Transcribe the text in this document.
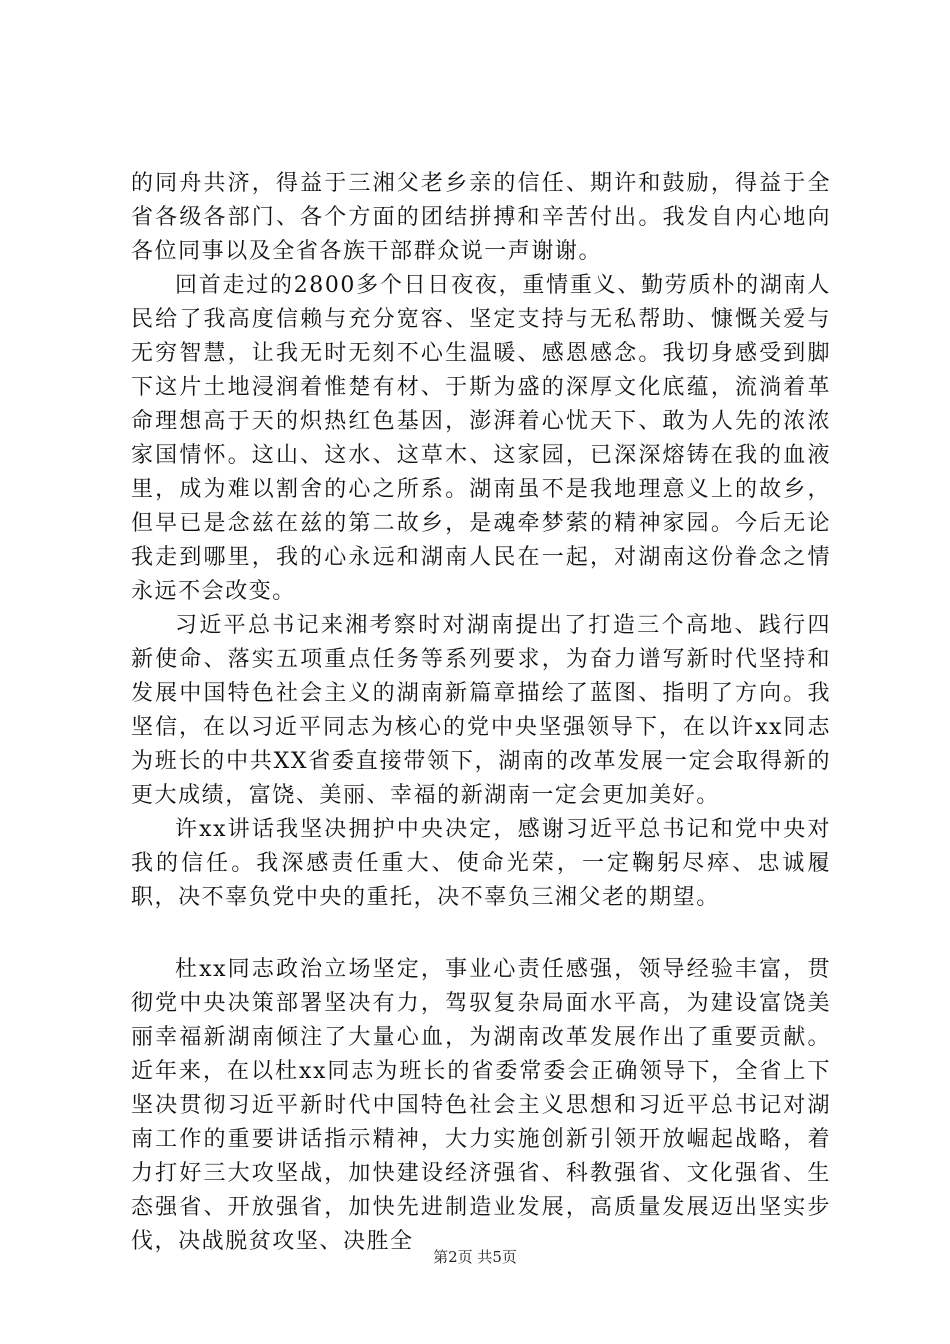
的同舟共济，得益于三湘父老乡亲的信任、期许和鼓励，得益于全省各级各部门、各个方面的团结拼搏和辛苦付出。我发自内心地向各位同事以及全省各族干部群众说一声谢谢。

回首走过的2800多个日日夜夜，重情重义、勤劳质朴的湖南人民给了我高度信赖与充分宽容、坚定支持与无私帮助、慷慨关爱与无穷智慧，让我无时无刻不心生温暖、感恩感念。我切身感受到脚下这片土地浸润着惟楚有材、于斯为盛的深厚文化底蕴，流淌着革命理想高于天的炽热红色基因，澎湃着心忧天下、敢为人先的浓浓家国情怀。这山、这水、这草木、这家园，已深深熔铸在我的血液里，成为难以割舍的心之所系。湖南虽不是我地理意义上的故乡，但早已是念兹在兹的第二故乡，是魂牵梦萦的精神家园。今后无论我走到哪里，我的心永远和湖南人民在一起，对湖南这份眷念之情永远不会改变。

习近平总书记来湘考察时对湖南提出了打造三个高地、践行四新使命、落实五项重点任务等系列要求，为奋力谱写新时代坚持和发展中国特色社会主义的湖南新篇章描绘了蓝图、指明了方向。我坚信，在以习近平同志为核心的党中央坚强领导下，在以许xx同志为班长的中共XX省委直接带领下，湖南的改革发展一定会取得新的更大成绩，富饶、美丽、幸福的新湖南一定会更加美好。

许xx讲话我坚决拥护中央决定，感谢习近平总书记和党中央对我的信任。我深感责任重大、使命光荣，一定鞠躬尽瘁、忠诚履职，决不辜负党中央的重托，决不辜负三湘父老的期望。

杜xx同志政治立场坚定，事业心责任感强，领导经验丰富，贯彻党中央决策部署坚决有力，驾驭复杂局面水平高，为建设富饶美丽幸福新湖南倾注了大量心血，为湖南改革发展作出了重要贡献。近年来，在以杜xx同志为班长的省委常委会正确领导下，全省上下坚决贯彻习近平新时代中国特色社会主义思想和习近平总书记对湖南工作的重要讲话指示精神，大力实施创新引领开放崛起战略，着力打好三大攻坚战，加快建设经济强省、科教强省、文化强省、生态强省、开放强省，加快先进制造业发展，高质量发展迈出坚实步伐，决战脱贫攻坚、决胜全

第2页 共5页
